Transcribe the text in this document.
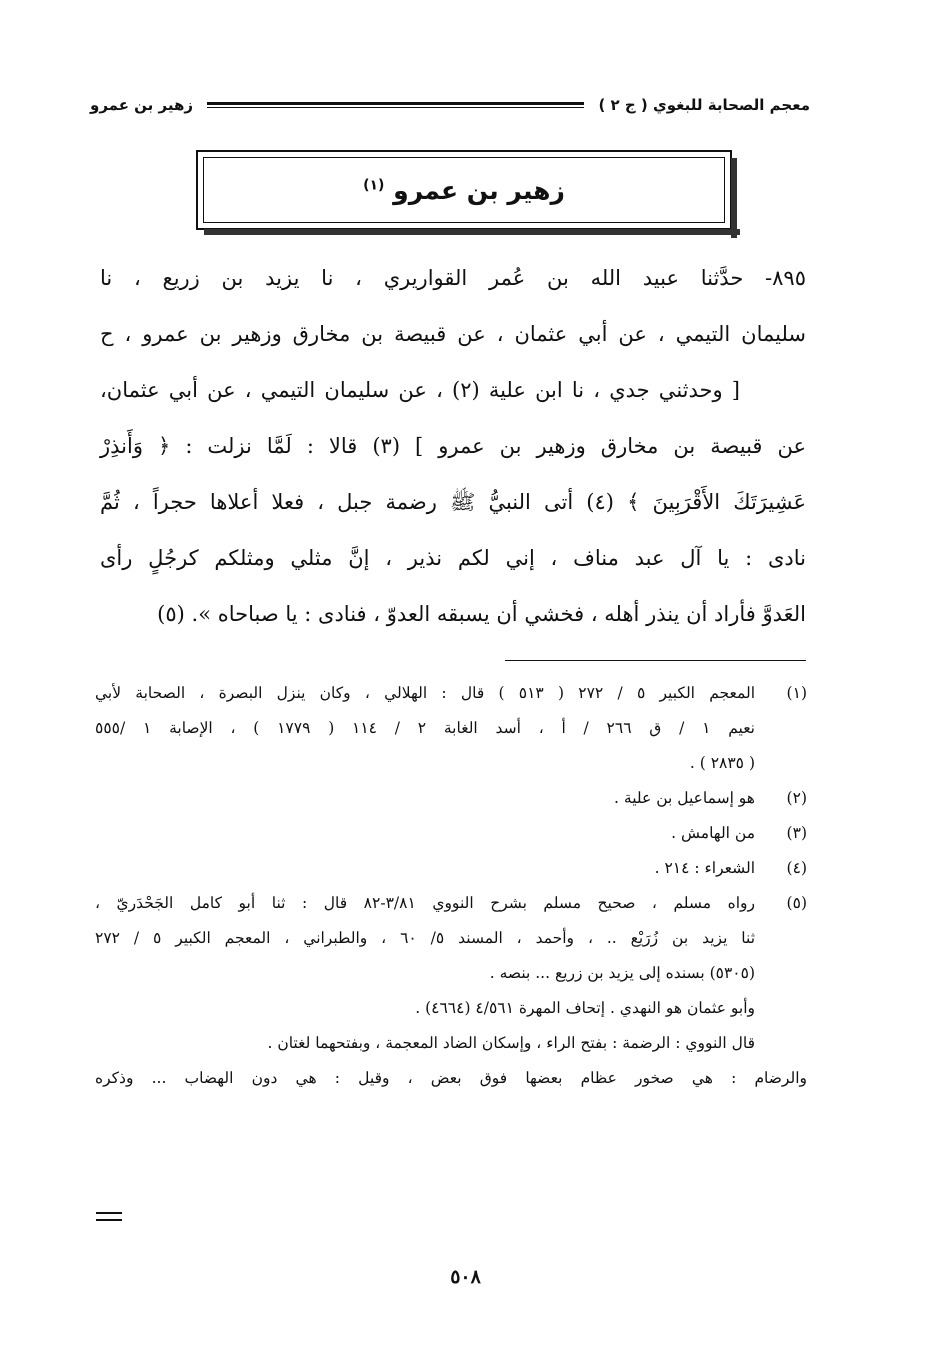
معجم الصحابة للبغوي ( ج ٢ )
زهير بن عمرو
زهير بن عمرو $^{(١)}$

٨٩٥- حدَّثنا عبيد الله بن عُمر القواريري ، نا يزيد بن زريع ، نا

سليمان التيمي ، عن أبي عثمان ، عن قبيصة بن مخارق وزهير بن عمرو ، ح

[ وحدثني جدي ، نا ابن علية (٢) ، عن سليمان التيمي ، عن أبي عثمان،

عن قبيصة بن مخارق وزهير بن عمرو ] (٣) قالا : لَمَّا نزلت : ﴿ وَأَنذِرْ

عَشِيرَتَكَ الأَقْرَبِينَ ﴾ (٤) أتى النبيُّ ﷺ رضمة جبل ، فعلا أعلاها حجراً ، ثُمَّ

نادى : يا آل عبد مناف ، إني لكم نذير ، إنَّ مثلي ومثلكم كرجُلٍ رأى

العَدوَّ فأراد أن ينذر أهله ، فخشي أن يسبقه العدوّ ، فنادى : يا صباحاه ». (٥)

(١)
المعجم الكبير ٥ / ٢٧٢ ( ٥١٣ ) قال : الهلالي ، وكان ينزل البصرة ، الصحابة لأبي
نعيم ١ / ق ٢٦٦ / أ ، أسد الغابة ٢ / ١١٤ ( ١٧٧٩ ) ، الإصابة ١ /٥٥٥
( ٢٨٣٥ ) .
(٢)
هو إسماعيل بن علية .
(٣)
من الهامش .
(٤)
الشعراء : ٢١٤ .
(٥)
رواه مسلم ، صحيح مسلم بشرح النووي ٣/٨١-٨٢ قال : ثنا أبو كامل الجَحْدَريّ ،
ثنا يزيد بن زُرَيْع .. ، وأحمد ، المسند ٥/ ٦٠ ، والطبراني ، المعجم الكبير ٥ / ٢٧٢
(٥٣٠٥) بسنده إلى يزيد بن زريع ... بنصه .
وأبو عثمان هو النهدي . إتحاف المهرة ٤/٥٦١ (٤٦٦٤) .
قال النووي : الرضمة : بفتح الراء ، وإسكان الضاد المعجمة ، وبفتحهما لغتان .
والرضام : هي صخور عظام بعضها فوق بعض ، وقيل : هي دون الهضاب ... وذكره
٥٠٨
